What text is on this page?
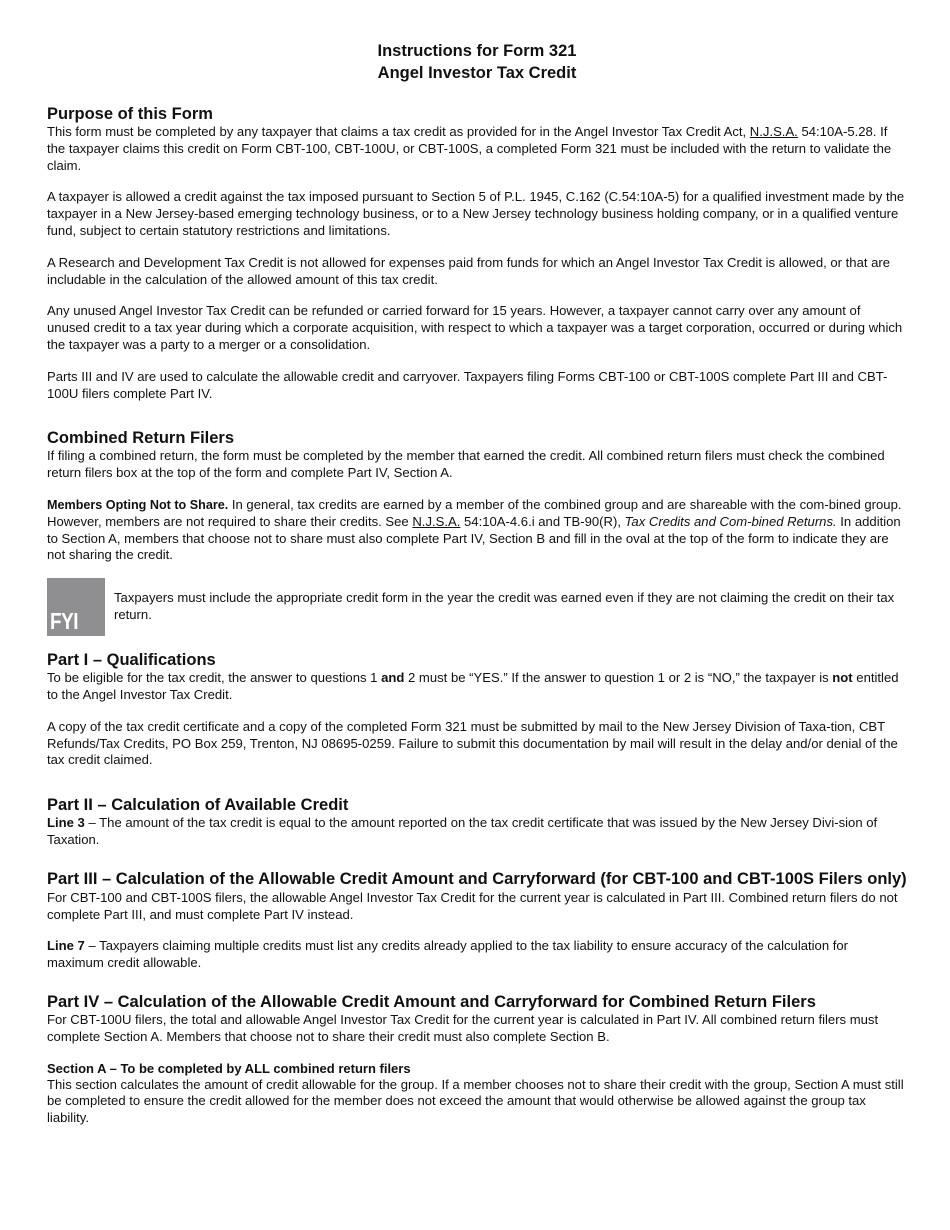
Instructions for Form 321
Angel Investor Tax Credit
Purpose of this Form

This form must be completed by any taxpayer that claims a tax credit as provided for in the Angel Investor Tax Credit Act, N.J.S.A. 54:10A-5.28. If the taxpayer claims this credit on Form CBT-100, CBT-100U, or CBT-100S, a completed Form 321 must be included with the return to validate the claim.

A taxpayer is allowed a credit against the tax imposed pursuant to Section 5 of P.L. 1945, C.162 (C.54:10A-5) for a qualified investment made by the taxpayer in a New Jersey-based emerging technology business, or to a New Jersey technology business holding company, or in a qualified venture fund, subject to certain statutory restrictions and limitations.

A Research and Development Tax Credit is not allowed for expenses paid from funds for which an Angel Investor Tax Credit is allowed, or that are includable in the calculation of the allowed amount of this tax credit.

Any unused Angel Investor Tax Credit can be refunded or carried forward for 15 years. However, a taxpayer cannot carry over any amount of unused credit to a tax year during which a corporate acquisition, with respect to which a taxpayer was a target corporation, occurred or during which the taxpayer was a party to a merger or a consolidation.

Parts III and IV are used to calculate the allowable credit and carryover. Taxpayers filing Forms CBT-100 or CBT-100S complete Part III and CBT-100U filers complete Part IV.

Combined Return Filers

If filing a combined return, the form must be completed by the member that earned the credit. All combined return filers must check the combined return filers box at the top of the form and complete Part IV, Section A.

Members Opting Not to Share. In general, tax credits are earned by a member of the combined group and are shareable with the com-bined group. However, members are not required to share their credits. See N.J.S.A. 54:10A-4.6.i and TB-90(R), Tax Credits and Com-bined Returns. In addition to Section A, members that choose not to share must also complete Part IV, Section B and fill in the oval at the top of the form to indicate they are not sharing the credit.

FYI

Taxpayers must include the appropriate credit form in the year the credit was earned even if they are not claiming the credit on their tax return.

Part I – Qualifications

To be eligible for the tax credit, the answer to questions 1 and 2 must be “YES.” If the answer to question 1 or 2 is “NO,” the taxpayer is not entitled to the Angel Investor Tax Credit.

A copy of the tax credit certificate and a copy of the completed Form 321 must be submitted by mail to the New Jersey Division of Taxa-tion, CBT Refunds/Tax Credits, PO Box 259, Trenton, NJ 08695-0259. Failure to submit this documentation by mail will result in the delay and/or denial of the tax credit claimed.

Part II – Calculation of Available Credit

Line 3 – The amount of the tax credit is equal to the amount reported on the tax credit certificate that was issued by the New Jersey Divi-sion of Taxation.

Part III – Calculation of the Allowable Credit Amount and Carryforward (for CBT-100 and CBT-100S Filers only)

For CBT-100 and CBT-100S filers, the allowable Angel Investor Tax Credit for the current year is calculated in Part III. Combined return filers do not complete Part III, and must complete Part IV instead.

Line 7 – Taxpayers claiming multiple credits must list any credits already applied to the tax liability to ensure accuracy of the calculation for maximum credit allowable.

Part IV – Calculation of the Allowable Credit Amount and Carryforward for Combined Return Filers

For CBT-100U filers, the total and allowable Angel Investor Tax Credit for the current year is calculated in Part IV. All combined return filers must complete Section A. Members that choose not to share their credit must also complete Section B.

Section A – To be completed by ALL combined return filers

This section calculates the amount of credit allowable for the group. If a member chooses not to share their credit with the group, Section A must still be completed to ensure the credit allowed for the member does not exceed the amount that would otherwise be allowed against the group tax liability.
